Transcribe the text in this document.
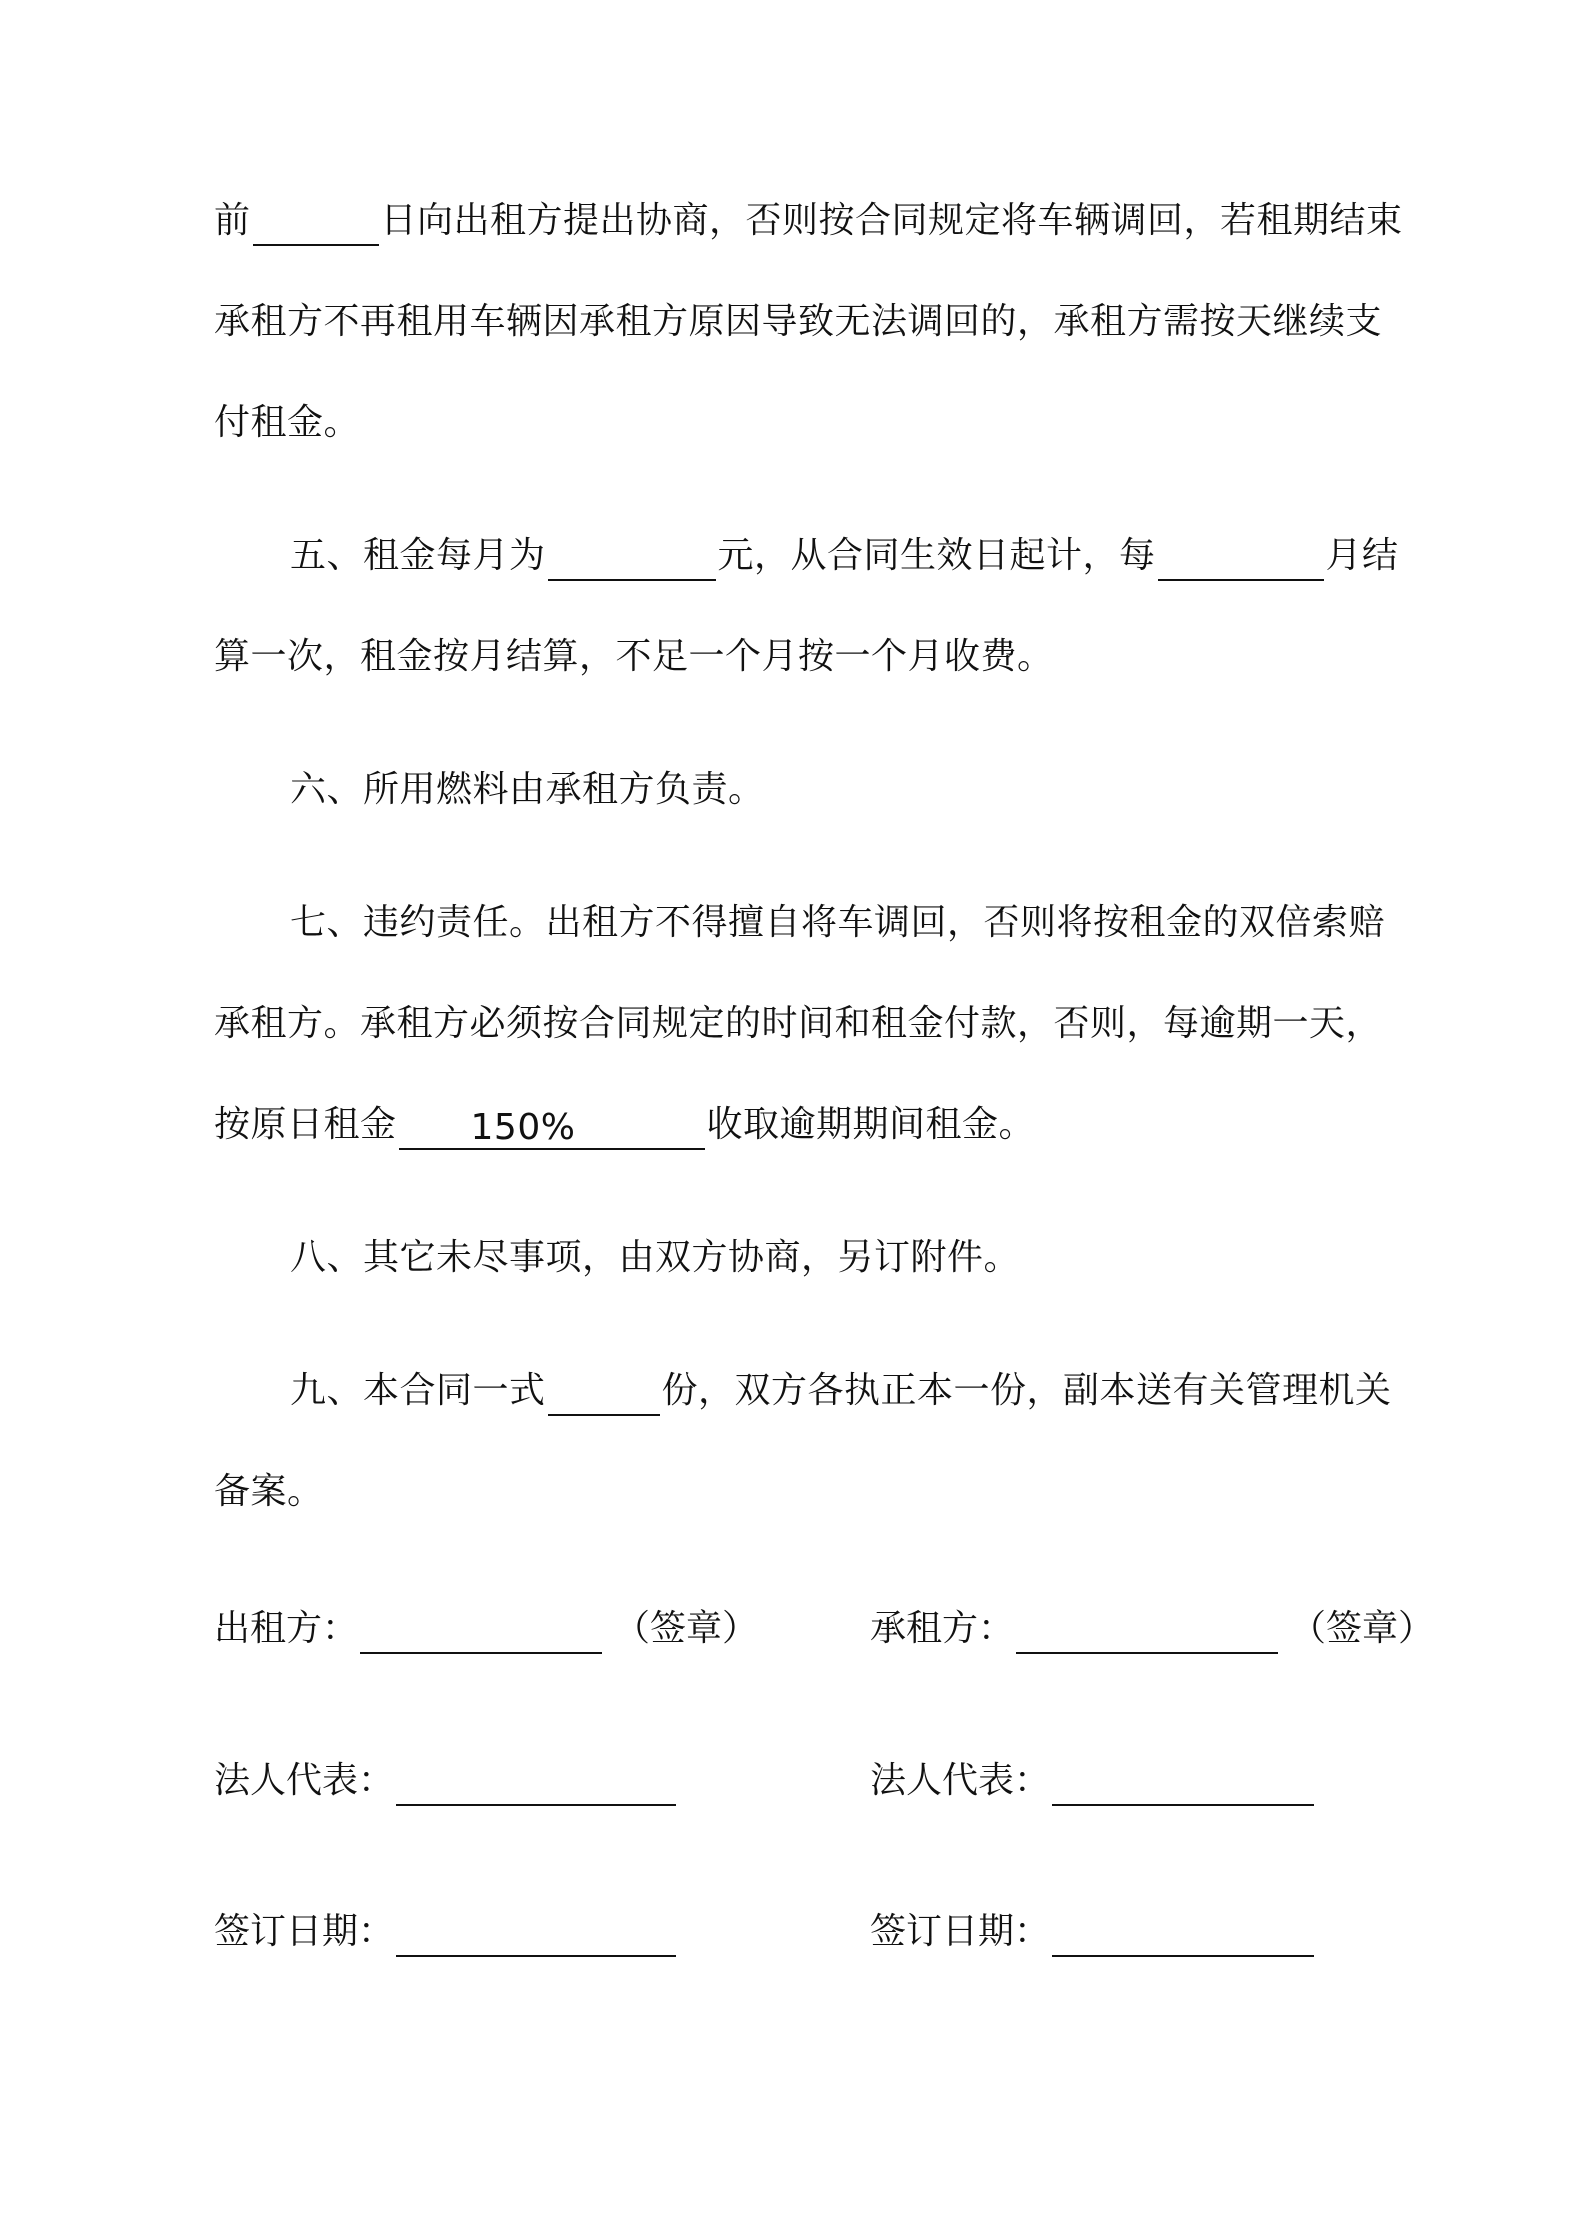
前	日向出租方提出协商，否则按合同规定将车辆调回，若租期结束
承租方不再租用车辆因承租方原因导致无法调回的，承租方需按天继续支
付租金。
五、租金每月为	元，从合同生效日起计，每	月结
算一次，租金按月结算，不足一个月按一个月收费。
六、所用燃料由承租方负责。
七、违约责任。出租方不得擅自将车调回，否则将按租金的双倍索赔
承租方。承租方必须按合同规定的时间和租金付款，否则，每逾期一天，
按原日租金 150%	收取逾期期间租金。
八、其它未尽事项，由双方协商，另订附件。
九、本合同一式	份，双方各执正本一份，副本送有关管理机关
备案。
出租方：	（签章）	承租方：	（签章）
法人代表：	法人代表：
签订日期：	签订日期：
